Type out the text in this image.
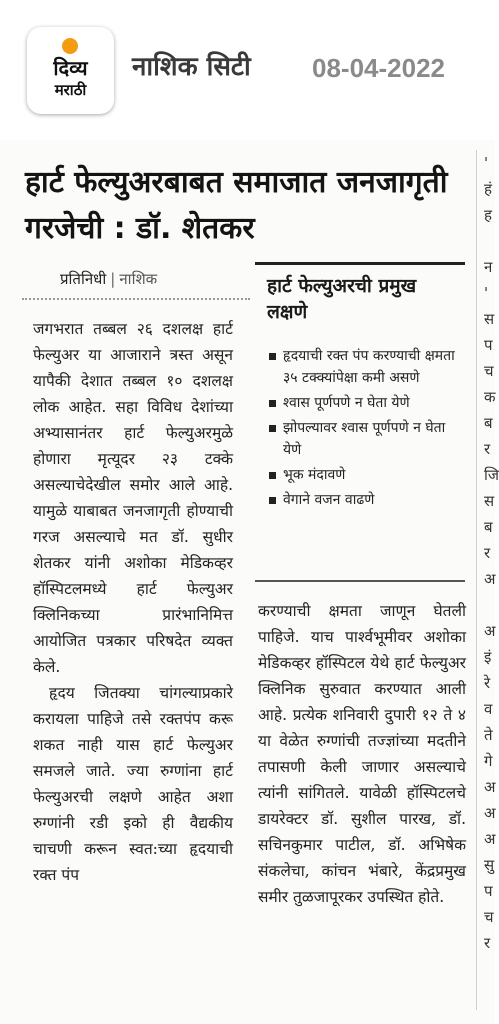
दिव्य
मराठी
नाशिक सिटी 08-04-2022
हार्ट फेल्युअरबाबत समाजात जनजागृती गरजेची : डॉ. शेतकर
प्रतिनिधी | नाशिक

जगभरात तब्बल २६ दशलक्ष हार्ट फेल्युअर या आजाराने त्रस्त असून यापैकी देशात तब्बल १० दशलक्ष लोक आहेत. सहा विविध देशांच्या अभ्यासानंतर हार्ट फेल्युअरमुळे होणारा मृत्यूदर २३ टक्के असल्याचेदेखील समोर आले आहे. यामुळे याबाबत जनजागृती होण्याची गरज असल्याचे मत डॉ. सुधीर शेतकर यांनी अशोका मेडिकव्हर हॉस्पिटलमध्ये हार्ट फेल्युअर क्लिनिकच्या प्रारंभानिमित्त आयोजित पत्रकार परिषदेत व्यक्त केले.

हृदय जितक्या चांगल्याप्रकारे करायला पाहिजे तसे रक्तपंप करू शकत नाही यास हार्ट फेल्युअर समजले जाते. ज्या रुग्णांना हार्ट फेल्युअरची लक्षणे आहेत अशा रुग्णांनी रडी इको ही वैद्यकीय चाचणी करून स्वत:च्या हृदयाची रक्त पंप

हार्ट फेल्युअरची प्रमुख लक्षणे
हृदयाची रक्त पंप करण्याची क्षमता ३५ टक्क्यांपेक्षा कमी असणे
श्वास पूर्णपणे न घेता येणे
झोपल्यावर श्वास पूर्णपणे न घेता येणे
भूक मंदावणे
वेगाने वजन वाढणे

करण्याची क्षमता जाणून घेतली पाहिजे. याच पार्श्वभूमीवर अशोका मेडिकव्हर हॉस्पिटल येथे हार्ट फेल्युअर क्लिनिक सुरुवात करण्यात आली आहे. प्रत्येक शनिवारी दुपारी १२ ते ४ या वेळेत रुग्णांची तज्ज्ञांच्या मदतीने तपासणी केली जाणार असल्याचे त्यांनी सांगितले. यावेळी हॉस्पिटलचे डायरेक्टर डॉ. सुशील पारख, डॉ. सचिनकुमार पाटील, डॉ. अभिषेक संकलेचा, कांचन भंबारे, केंद्रप्रमुख समीर तुळजापूरकर उपस्थित होते.

'
हं
ह

न
'
स
प
च
क
ब
र
जि
स
ब
र
अ

अ
इं
रे
व
ते
गे
अ
अ
अ
सु
प
च
र
